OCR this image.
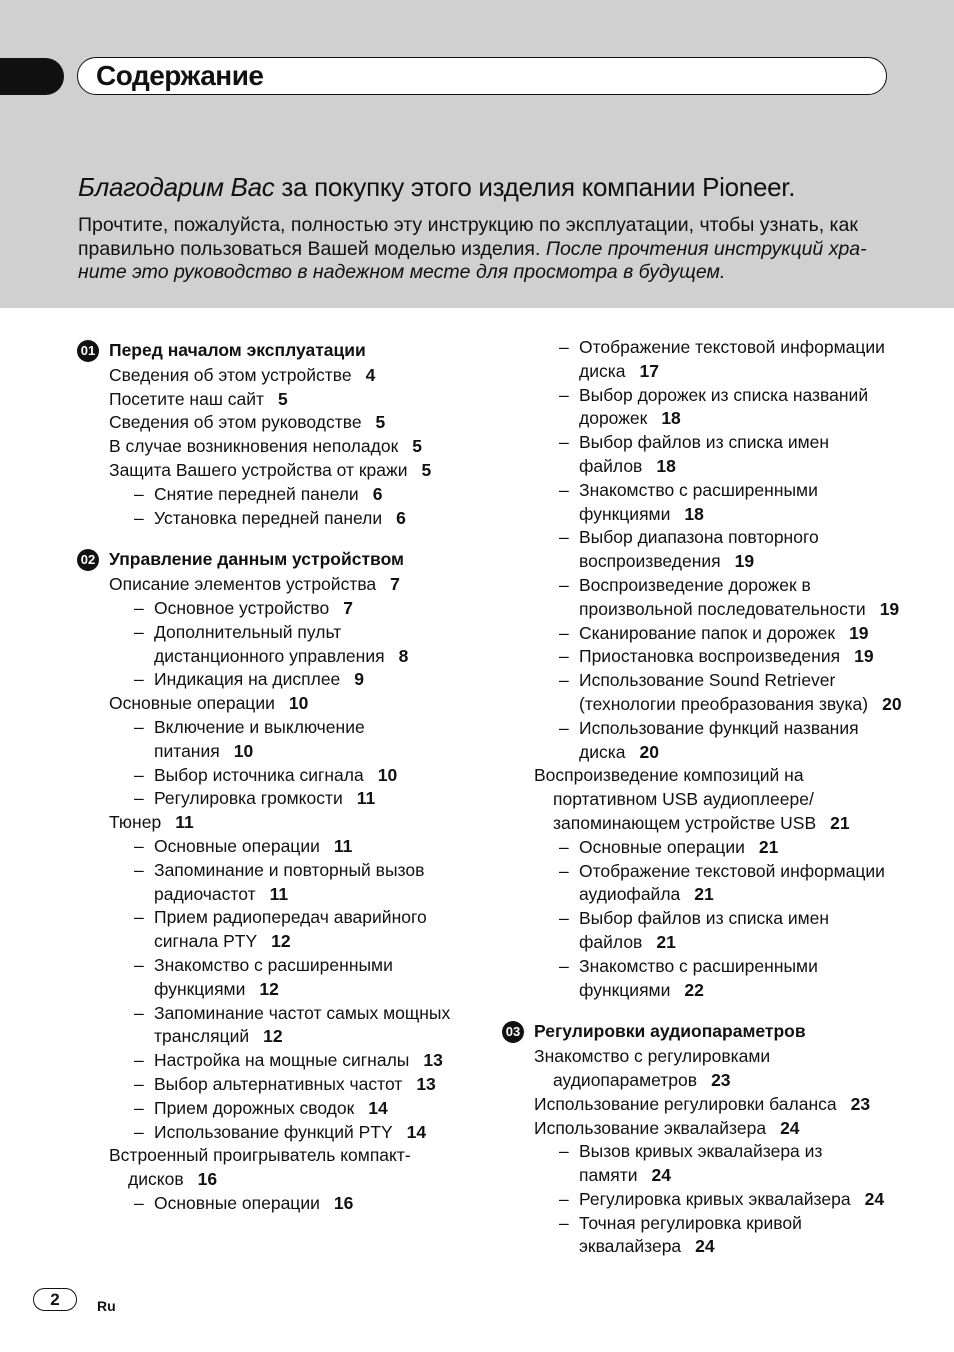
Содержание
Благодарим Вас за покупку этого изделия компании Pioneer.
Прочтите, пожалуйста, полностью эту инструкцию по эксплуатации, чтобы узнать, как правильно пользоваться Вашей моделью изделия. После прочтения инструкций хра-ните это руководство в надежном месте для просмотра в будущем.
01 Перед началом эксплуатации
Сведения об этом устройстве 4
Посетите наш сайт 5
Сведения об этом руководстве 5
В случае возникновения неполадок 5
Защита Вашего устройства от кражи 5
– Снятие передней панели 6
– Установка передней панели 6
02 Управление данным устройством
Описание элементов устройства 7
– Основное устройство 7
– Дополнительный пульт дистанционного управления 8
– Индикация на дисплее 9
Основные операции 10
– Включение и выключение питания 10
– Выбор источника сигнала 10
– Регулировка громкости 11
Тюнер 11
– Основные операции 11
– Запоминание и повторный вызов радиочастот 11
– Прием радиопередач аварийного сигнала PTY 12
– Знакомство с расширенными функциями 12
– Запоминание частот самых мощных трансляций 12
– Настройка на мощные сигналы 13
– Выбор альтернативных частот 13
– Прием дорожных сводок 14
– Использование функций PTY 14
Встроенный проигрыватель компакт-дисков 16
– Основные операции 16
– Отображение текстовой информации диска 17
– Выбор дорожек из списка названий дорожек 18
– Выбор файлов из списка имен файлов 18
– Знакомство с расширенными функциями 18
– Выбор диапазона повторного воспроизведения 19
– Воспроизведение дорожек в произвольной последовательности 19
– Сканирование папок и дорожек 19
– Приостановка воспроизведения 19
– Использование Sound Retriever (технологии преобразования звука) 20
– Использование функций названия диска 20
Воспроизведение композиций на портативном USB аудиоплеере/ запоминающем устройстве USB 21
– Основные операции 21
– Отображение текстовой информации аудиофайла 21
– Выбор файлов из списка имен файлов 21
– Знакомство с расширенными функциями 22
03 Регулировки аудиопараметров
Знакомство с регулировками аудиопараметров 23
Использование регулировки баланса 23
Использование эквалайзера 24
– Вызов кривых эквалайзера из памяти 24
– Регулировка кривых эквалайзера 24
– Точная регулировка кривой эквалайзера 24
2	Ru
